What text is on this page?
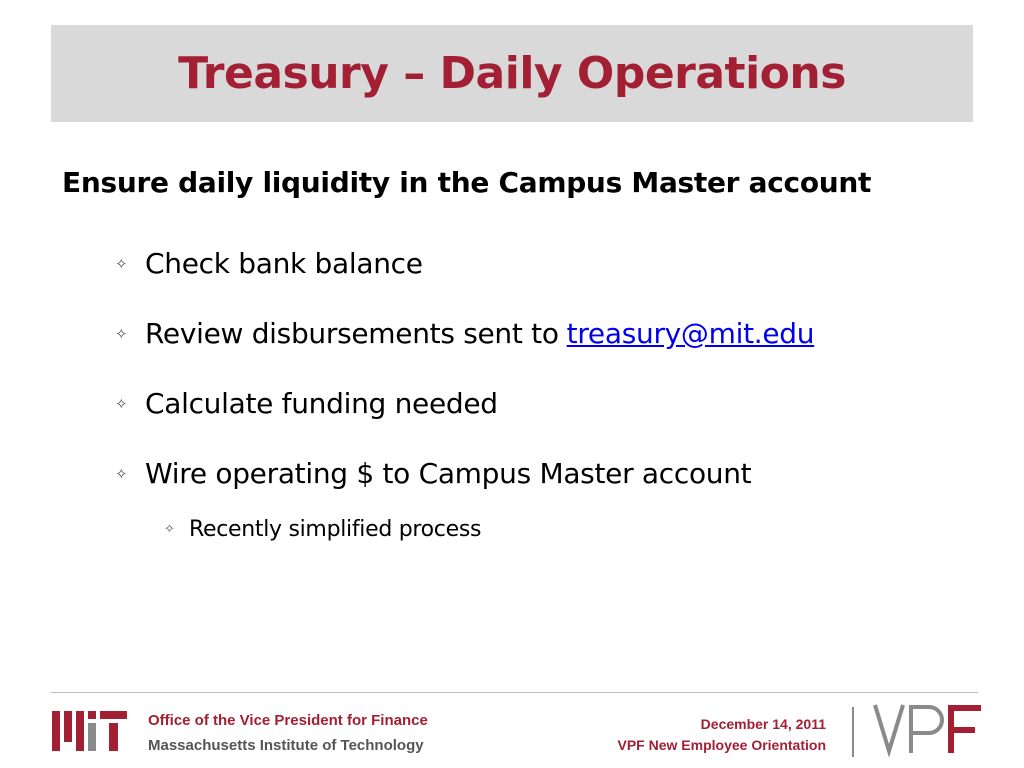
Treasury – Daily Operations
Ensure daily liquidity in the Campus Master account
✧ Check bank balance
✧ Review disbursements sent to treasury@mit.edu
✧ Calculate funding needed
✧ Wire operating $ to Campus Master account
✧ Recently simplified process
Office of the Vice President for Finance
Massachusetts Institute of Technology
December 14, 2011
VPF New Employee Orientation
